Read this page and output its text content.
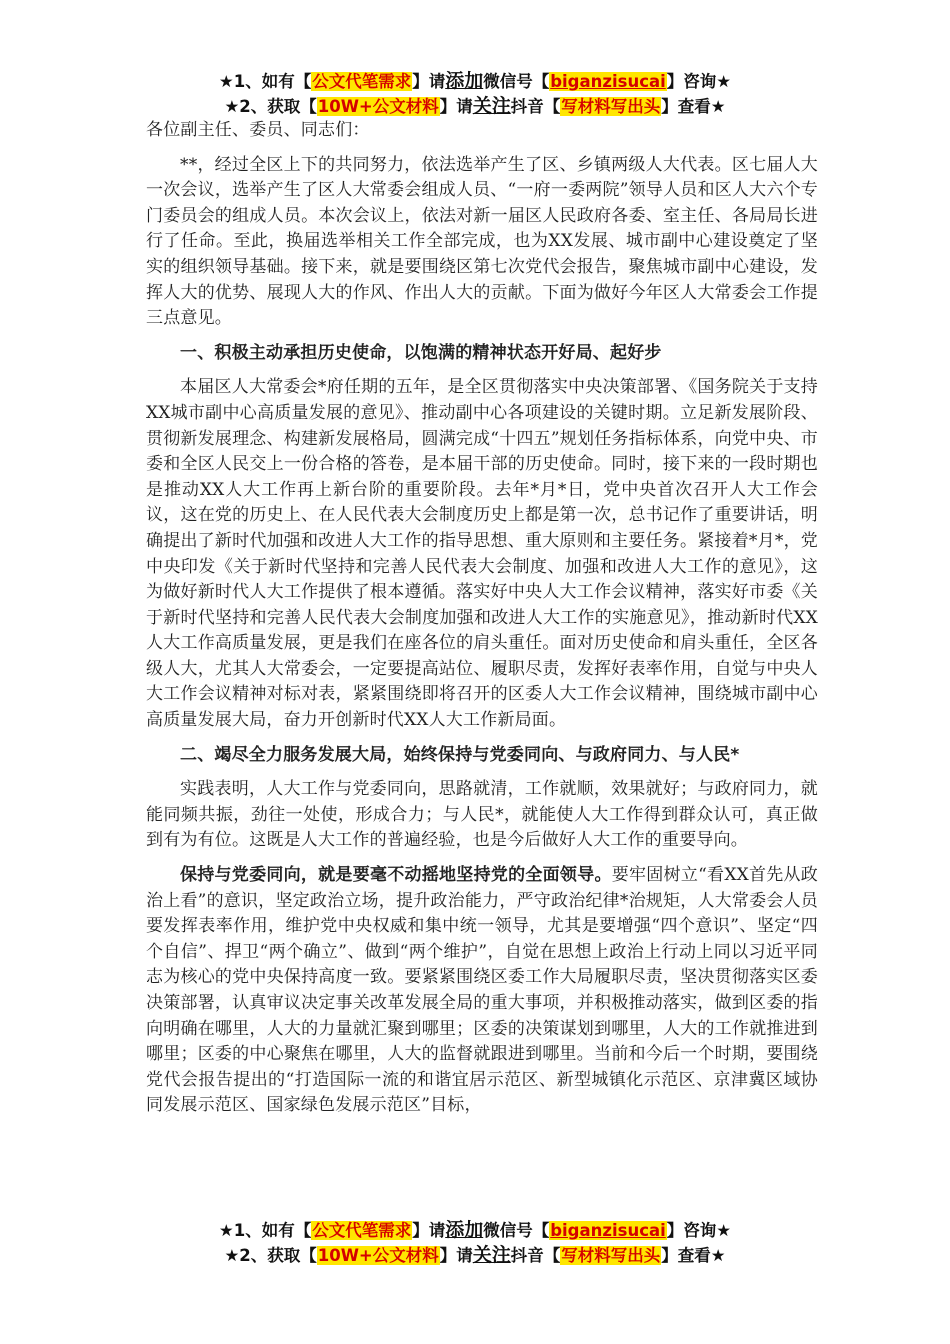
★1、如有【公文代笔需求】请添加微信号【biganzisucai】咨询★
★2、获取【10W+公文材料】请关注抖音【写材料写出头】查看★

各位副主任、委员、同志们：

**，经过全区上下的共同努力，依法选举产生了区、乡镇两级人大代表。区七届人大一次会议，选举产生了区人大常委会组成人员、“一府一委两院”领导人员和区人大六个专门委员会的组成人员。本次会议上，依法对新一届区人民政府各委、室主任、各局局长进行了任命。至此，换届选举相关工作全部完成，也为XX发展、城市副中心建设奠定了坚实的组织领导基础。接下来，就是要围绕区第七次党代会报告，聚焦城市副中心建设，发挥人大的优势、展现人大的作风、作出人大的贡献。下面为做好今年区人大常委会工作提三点意见。

一、积极主动承担历史使命，以饱满的精神状态开好局、起好步

本届区人大常委会*府任期的五年，是全区贯彻落实中央决策部署、《国务院关于支持XX城市副中心高质量发展的意见》、推动副中心各项建设的关键时期。立足新发展阶段、贯彻新发展理念、构建新发展格局，圆满完成“十四五”规划任务指标体系，向党中央、市委和全区人民交上一份合格的答卷，是本届干部的历史使命。同时，接下来的一段时期也是推动XX人大工作再上新台阶的重要阶段。去年*月*日，党中央首次召开人大工作会议，这在党的历史上、在人民代表大会制度历史上都是第一次，总书记作了重要讲话，明确提出了新时代加强和改进人大工作的指导思想、重大原则和主要任务。紧接着*月*，党中央印发《关于新时代坚持和完善人民代表大会制度、加强和改进人大工作的意见》，这为做好新时代人大工作提供了根本遵循。落实好中央人大工作会议精神，落实好市委《关于新时代坚持和完善人民代表大会制度加强和改进人大工作的实施意见》，推动新时代XX人大工作高质量发展，更是我们在座各位的肩头重任。面对历史使命和肩头重任，全区各级人大，尤其人大常委会，一定要提高站位、履职尽责，发挥好表率作用，自觉与中央人大工作会议精神对标对表，紧紧围绕即将召开的区委人大工作会议精神，围绕城市副中心高质量发展大局，奋力开创新时代XX人大工作新局面。

二、竭尽全力服务发展大局，始终保持与党委同向、与政府同力、与人民*

实践表明，人大工作与党委同向，思路就清，工作就顺，效果就好；与政府同力，就能同频共振，劲往一处使，形成合力；与人民*，就能使人大工作得到群众认可，真正做到有为有位。这既是人大工作的普遍经验，也是今后做好人大工作的重要导向。

保持与党委同向，就是要毫不动摇地坚持党的全面领导。要牢固树立“看XX首先从政治上看”的意识，坚定政治立场，提升政治能力，严守政治纪律*治规矩，人大常委会人员要发挥表率作用，维护党中央权威和集中统一领导，尤其是要增强“四个意识”、坚定“四个自信”、捍卫“两个确立”、做到“两个维护”，自觉在思想上政治上行动上同以习近平同志为核心的党中央保持高度一致。要紧紧围绕区委工作大局履职尽责，坚决贯彻落实区委决策部署，认真审议决定事关改革发展全局的重大事项，并积极推动落实，做到区委的指向明确在哪里，人大的力量就汇聚到哪里；区委的决策谋划到哪里，人大的工作就推进到哪里；区委的中心聚焦在哪里，人大的监督就跟进到哪里。当前和今后一个时期，要围绕党代会报告提出的“打造国际一流的和谐宜居示范区、新型城镇化示范区、京津冀区域协同发展示范区、国家绿色发展示范区”目标，

★1、如有【公文代笔需求】请添加微信号【biganzisucai】咨询★
★2、获取【10W+公文材料】请关注抖音【写材料写出头】查看★
